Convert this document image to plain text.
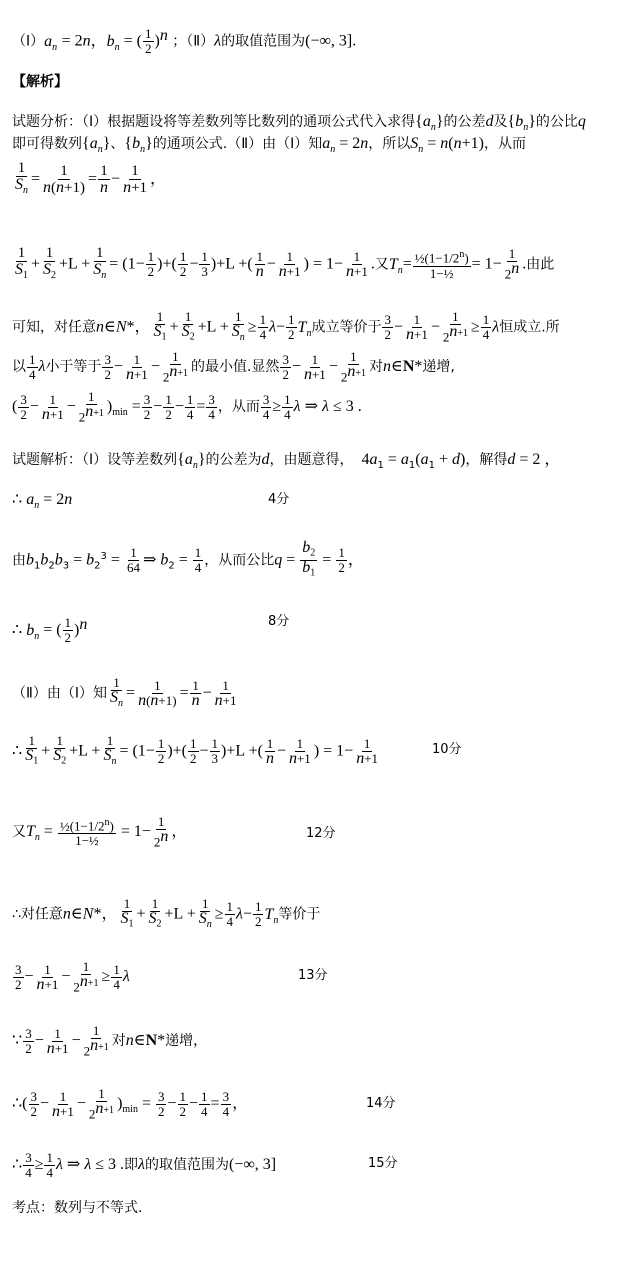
$(Ⅰ)a_n = 2n$，$b_n$ = ( $\frac{1}{2} )^n$ ；（Ⅱ）λ的取值范围为(−∞, 3].
【解析】
试题分析：（Ⅰ）根据题设将等差数列等比数列的通项公式代入求得$\{a_n\}$的公差d及$\{b_n\}$的公比q
即可得数列$\{a_n\}$、$\{b_n\}$的通项公式.（Ⅱ）由（Ⅰ）知$a_n = 2n$，所以$S_n = n(n+1)$，从而
$\frac{1}{S_n} = \frac{1}{n(n+1)} = \frac{1}{n} - \frac{1}{n+1}$ ，
$\frac{1}{S_1} + \frac{1}{S_2} +L + \frac{1}{S_n} = (1- \frac{1}{2}$ )+( $\frac{1}{2} - \frac{1}{3} )+L$ +( $\frac{1}{n} - \frac{1}{n+1}$ ) = $1- \frac{1}{n+1}$ .又$T_n= \frac{\frac{1}{2}(1-1/2^n)}{\text{1−½}} = 1- \frac{1}{2^n}$ .由此
可知，对任意n∈N*， $\frac{1}{S_1} + \frac{1}{S_2} +L + \frac{1}{S_n} \ge \frac{1}{4} \lambda- \frac{1}{2} T_n$成立等价于 $\frac{3}{2} - \frac{1}{n+1} - \frac{1}{2^{n+1}} \ge \frac{1}{4}$ λ恒成立.所
以 $\frac{1}{4}$ λ小于等于 $\frac{3}{2} - \frac{1}{n+1} - \frac{1}{2^{n+1}}$ 的最小值.显然 $\frac{3}{2} - \frac{1}{n+1} - \frac{1}{2^{n+1}}$ 对n∈N*递增,
( $\frac{3}{2} - \frac{1}{n+1} - \frac{1}{2^{n+1}} )_{min} = \frac{3}{2} - \frac{1}{2} - \frac{1}{4} = \frac{3}{4}$ ，从而 $\frac{3}{4} \ge \frac{1}{4}$ λ ⇒ λ ≤ 3 .
试题解析：（Ⅰ）设等差数列$\{a_n\}$的公差为d，由题意得，  $4a_1 = a_1(a_1 + d)$，解得d = 2 ，
∴ $a_n = 2n$	4分
由$b_1b_2b_3 = b_2^3 = \frac{1}{64}$ ⇒ $b_2 = \frac{1}{4}$ ，从而公比$q = \frac{b_2}{b_1} = \frac{1}{2}$ ，
∴ $b_n$ = ( $\frac{1}{2} )^n$	8分
（Ⅱ）由（Ⅰ）知 $\frac{1}{S_n} = \frac{1}{n(n+1)} = \frac{1}{n} - \frac{1}{n+1}$
∴ $\frac{1}{S_1} + \frac{1}{S_2} +L + \frac{1}{S_n} = (1- \frac{1}{2}$ )+( $\frac{1}{2} - \frac{1}{3} )+L$ +( $\frac{1}{n} - \frac{1}{n+1}$ ) = $1- \frac{1}{n+1}$	10分
又$T_n = \frac{\frac{1}{2}(1-1/2^n)}{\text{1−½}} = 1- \frac{1}{2^n}$ ，	12分
∴对任意n∈N*， $\frac{1}{S_1} + \frac{1}{S_2} +L + \frac{1}{S_n} \ge \frac{1}{4} \lambda- \frac{1}{2} T_n$等价于
$\frac{3}{2} - \frac{1}{n+1} - \frac{1}{2^{n+1}} \ge \frac{1}{4}$ λ	13分
∵ $\frac{3}{2} - \frac{1}{n+1} - \frac{1}{2^{n+1}}$ 对n∈N*递增，
∴( $\frac{3}{2} - \frac{1}{n+1} - \frac{1}{2^{n+1}} )_{min} = \frac{3}{2} - \frac{1}{2} - \frac{1}{4} = \frac{3}{4}$ ，	14分
∴ $\frac{3}{4} \ge \frac{1}{4}$ λ ⇒ λ ≤ 3 .即λ的取值范围为(−∞, 3]	15分
考点：数列与不等式.
